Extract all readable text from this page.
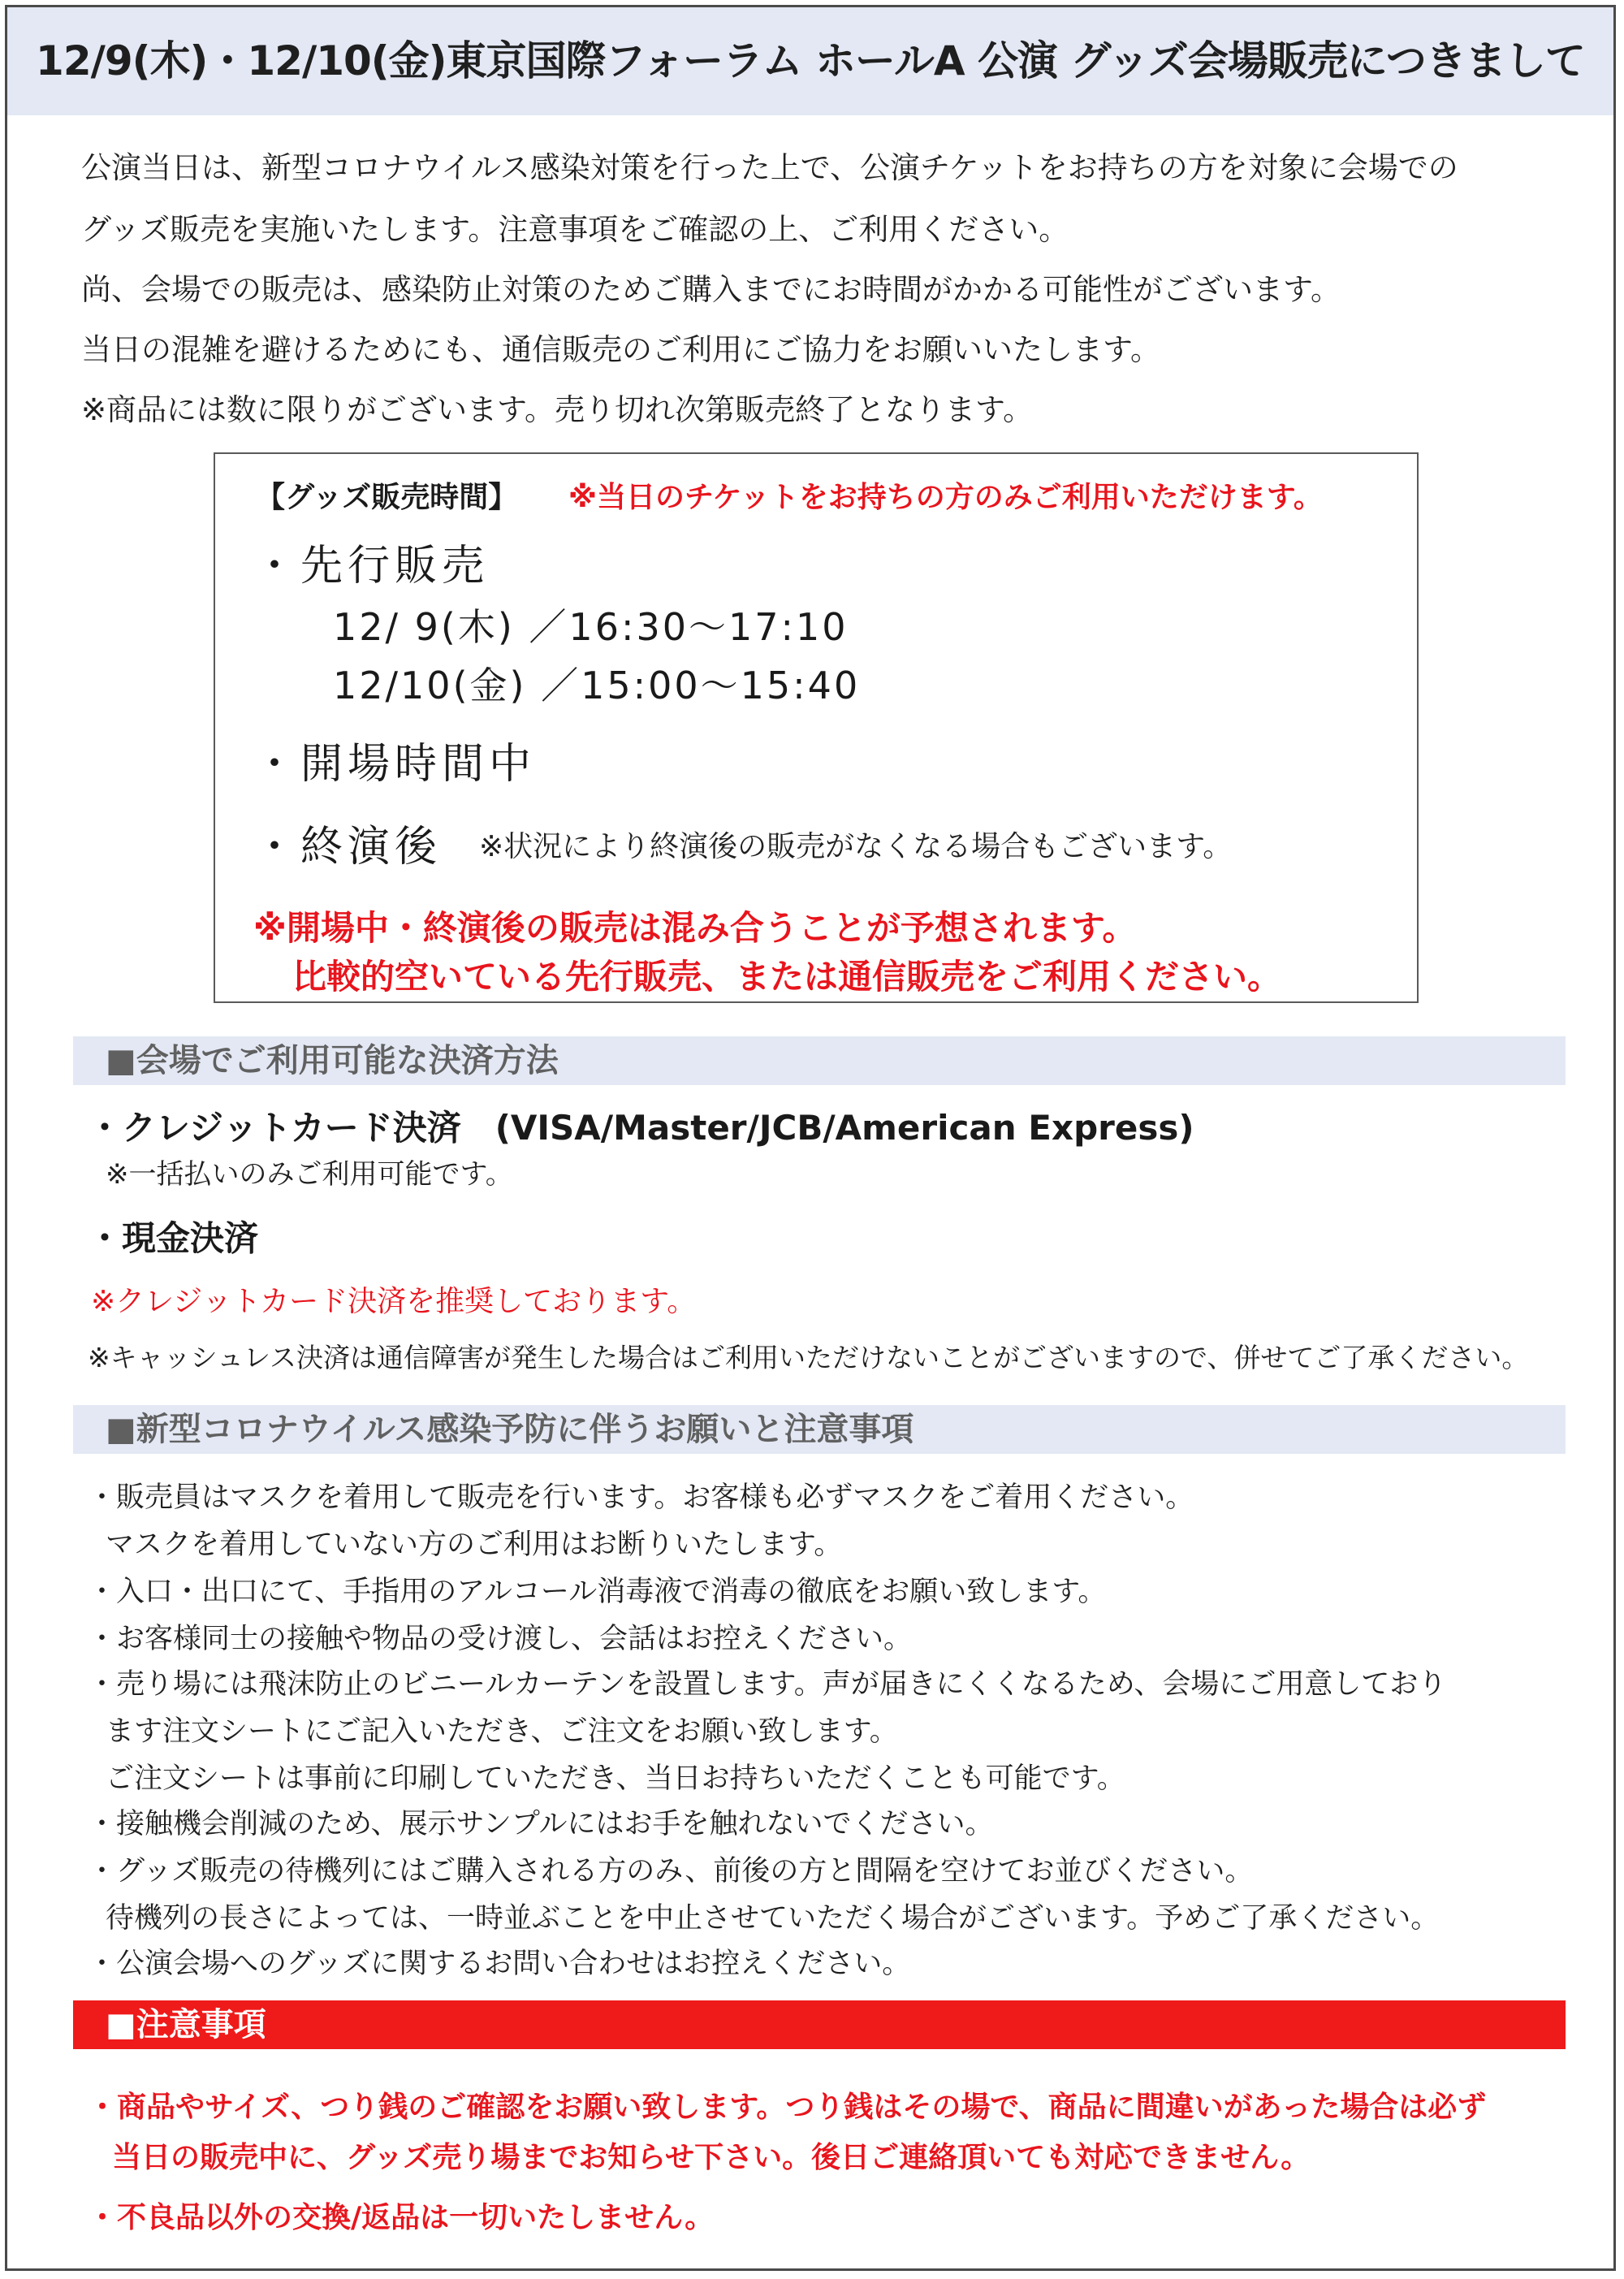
12/9(木)・12/10(金)東京国際フォーラム ホールA 公演 グッズ会場販売につきまして
公演当日は、新型コロナウイルス感染対策を行った上で、公演チケットをお持ちの方を対象に会場での
グッズ販売を実施いたします。注意事項をご確認の上、ご利用ください。
尚、会場での販売は、感染防止対策のためご購入までにお時間がかかる可能性がございます。
当日の混雑を避けるためにも、通信販売のご利用にご協力をお願いいたします。
※商品には数に限りがございます。売り切れ次第販売終了となります。
【グッズ販売時間】 ※当日のチケットをお持ちの方のみご利用いただけます。
・先行販売
12/ 9(木) ／16:30～17:10
12/10(金) ／15:00～15:40
・開場時間中
・終演後 ※状況により終演後の販売がなくなる場合もございます。
※開場中・終演後の販売は混み合うことが予想されます。
比較的空いている先行販売、または通信販売をご利用ください。
■会場でご利用可能な決済方法
・クレジットカード決済　(VISA/Master/JCB/American Express)
※一括払いのみご利用可能です。
・現金決済
※クレジットカード決済を推奨しております。
※キャッシュレス決済は通信障害が発生した場合はご利用いただけないことがございますので、併せてご了承ください。
■新型コロナウイルス感染予防に伴うお願いと注意事項
・販売員はマスクを着用して販売を行います。お客様も必ずマスクをご着用ください。
マスクを着用していない方のご利用はお断りいたします。
・入口・出口にて、手指用のアルコール消毒液で消毒の徹底をお願い致します。
・お客様同士の接触や物品の受け渡し、会話はお控えください。
・売り場には飛沫防止のビニールカーテンを設置します。声が届きにくくなるため、会場にご用意しており
ます注文シートにご記入いただき、ご注文をお願い致します。
ご注文シートは事前に印刷していただき、当日お持ちいただくことも可能です。
・接触機会削減のため、展示サンプルにはお手を触れないでください。
・グッズ販売の待機列にはご購入される方のみ、前後の方と間隔を空けてお並びください。
待機列の長さによっては、一時並ぶことを中止させていただく場合がございます。予めご了承ください。
・公演会場へのグッズに関するお問い合わせはお控えください。
■注意事項
・商品やサイズ、つり銭のご確認をお願い致します。つり銭はその場で、商品に間違いがあった場合は必ず
当日の販売中に、グッズ売り場までお知らせ下さい。後日ご連絡頂いても対応できません。
・不良品以外の交換/返品は一切いたしません。
